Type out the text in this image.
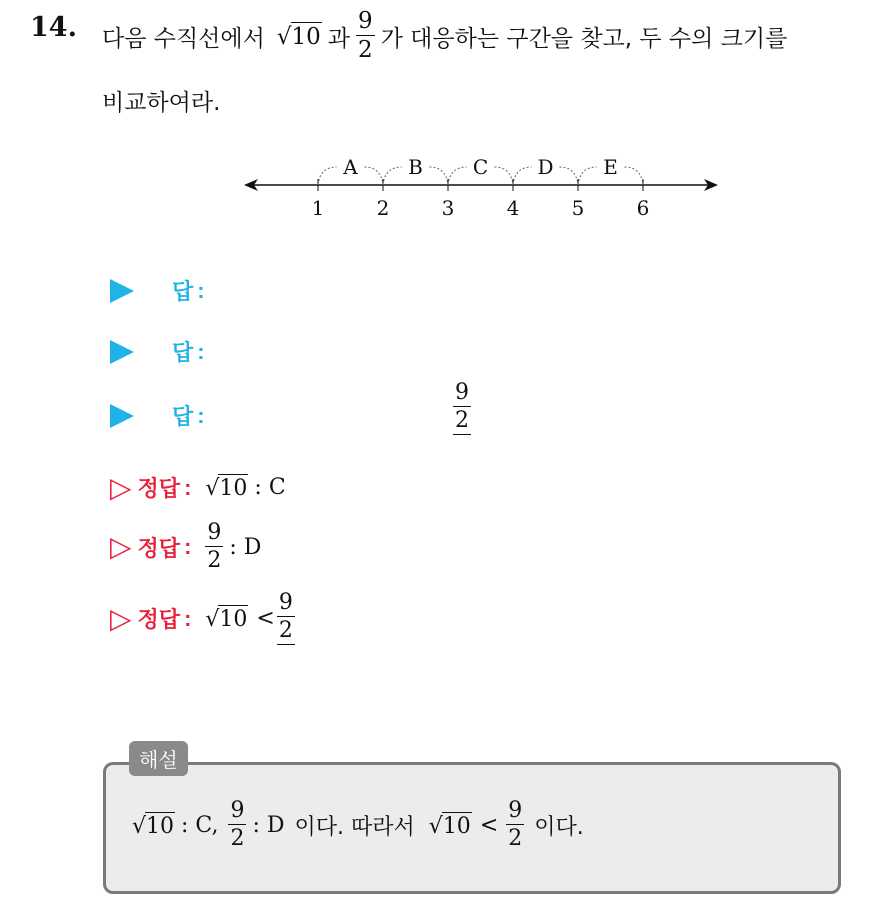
14. 다음 수직선에서 √ 10 과 $\frac{9}{2}$ 가 대응하는 구간을 찾고, 두 수의 크기를
비교하여라.
1	2	3	4	5	6
A	B C D E
답 :
답 :
답 :	$\frac{9}{2}$
▷ 정답 : √ 10 : C
▷ 정답 : $\frac{9}{2}$ : D
▷ 정답 : √ $10 < \frac{9}{2}$
해설
√ 10 : C, $\frac{9}{2}$ : D 이다. 따라서 √ $10 < \frac{9}{2}$ 이다.
